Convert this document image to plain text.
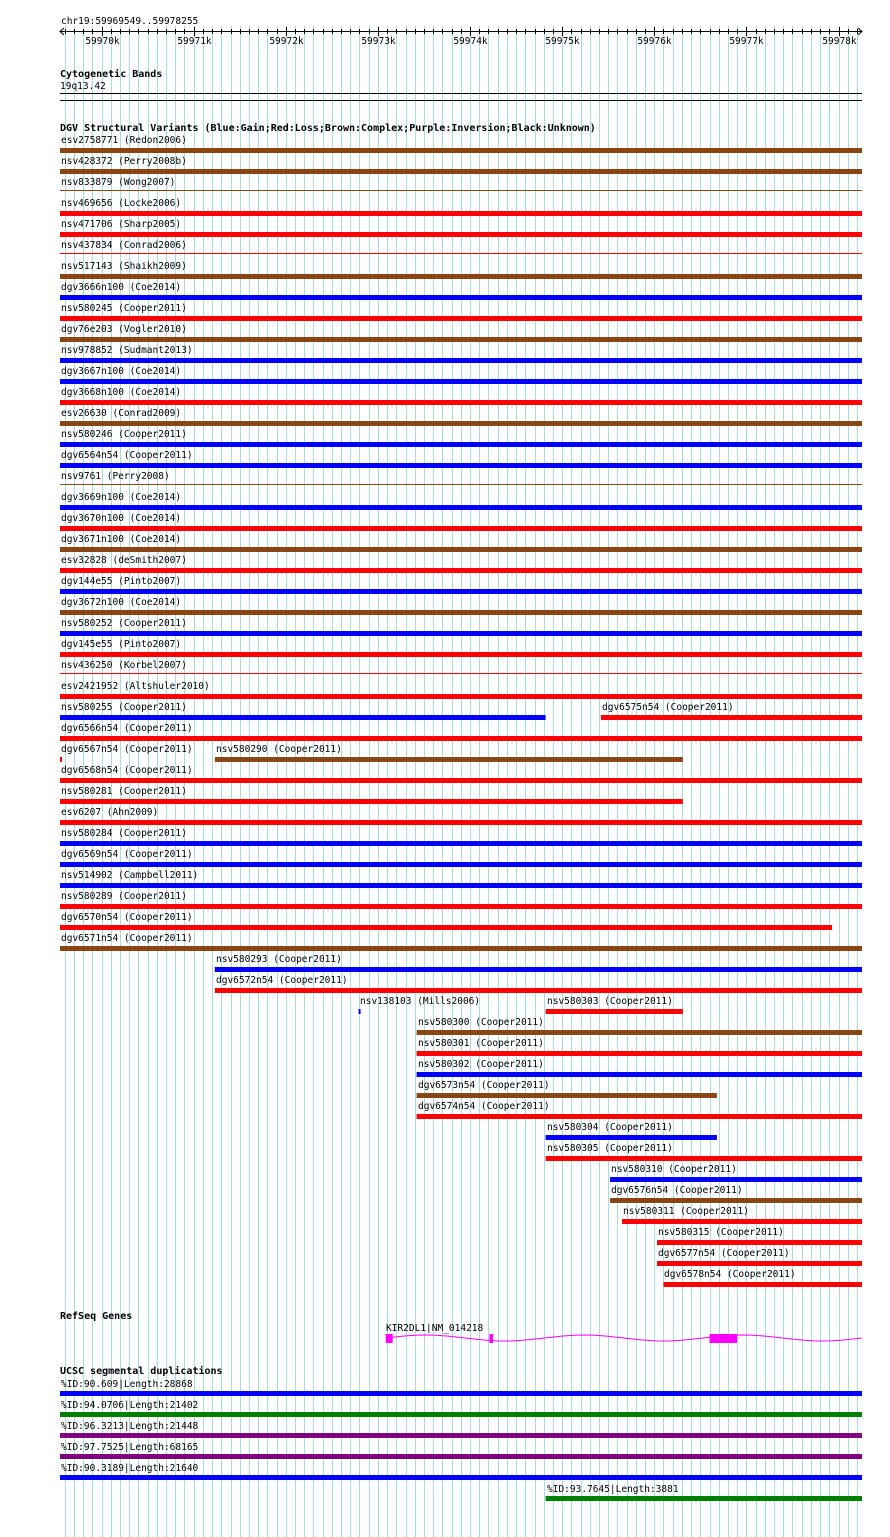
chr19:59969549..59978255
59970k	59971k	59972k	59973k	59974k	59975k	59976k	59977k	59978k
Cytogenetic Bands
19q13.42
DGV Structural Variants (Blue:Gain;Red:Loss;Brown:Complex;Purple:Inversion;Black:Unknown)
esv2758771 (Redon2006)
nsv428372 (Perry2008b)
nsv833879 (Wong2007)
nsv469656 (Locke2006)
nsv471706 (Sharp2005)
nsv437834 (Conrad2006)
nsv517143 (Shaikh2009)
dgv3666n100 (Coe2014)
nsv580245 (Cooper2011)
dgv76e203 (Vogler2010)
nsv978852 (Sudmant2013)
dgv3667n100 (Coe2014)
dgv3668n100 (Coe2014)
esv26630 (Conrad2009)
nsv580246 (Cooper2011)
dgv6564n54 (Cooper2011)
nsv9761 (Perry2008)
dgv3669n100 (Coe2014)
dgv3670n100 (Coe2014)
dgv3671n100 (Coe2014)
esv32828 (deSmith2007)
dgv144e55 (Pinto2007)
dgv3672n100 (Coe2014)
nsv580252 (Cooper2011)
dgv145e55 (Pinto2007)
nsv436250 (Korbel2007)
esv2421952 (Altshuler2010)
nsv580255 (Cooper2011)	dgv6575n54 (Cooper2011)
dgv6566n54 (Cooper2011)
dgv6567n54 (Cooper2011) nsv580290 (Cooper2011)
dgv6568n54 (Cooper2011)
nsv580281 (Cooper2011)
esv6207 (Ahn2009)
nsv580284 (Cooper2011)
dgv6569n54 (Cooper2011)
nsv514902 (Campbell2011)
nsv580289 (Cooper2011)
dgv6570n54 (Cooper2011)
dgv6571n54 (Cooper2011)
nsv580293 (Cooper2011)
dgv6572n54 (Cooper2011)
nsv138103 (Mills2006)	nsv580303 (Cooper2011)
nsv580300 (Cooper2011)
nsv580301 (Cooper2011)
nsv580302 (Cooper2011)
dgv6573n54 (Cooper2011)
dgv6574n54 (Cooper2011)
nsv580304 (Cooper2011)
nsv580305 (Cooper2011)
nsv580310 (Cooper2011)
dgv6576n54 (Cooper2011)
nsv580311 (Cooper2011)
nsv580315 (Cooper2011)
dgv6577n54 (Cooper2011)
dgv6578n54 (Cooper2011)
RefSeq Genes
KIR2DL1|NM_014218
UCSC segmental duplications
%ID:90.609|Length:28868
%ID:94.0706|Length:21402
%ID:96.3213|Length:21448
%ID:97.7525|Length:68165
%ID:90.3189|Length:21640
%ID:93.7645|Length:3881
